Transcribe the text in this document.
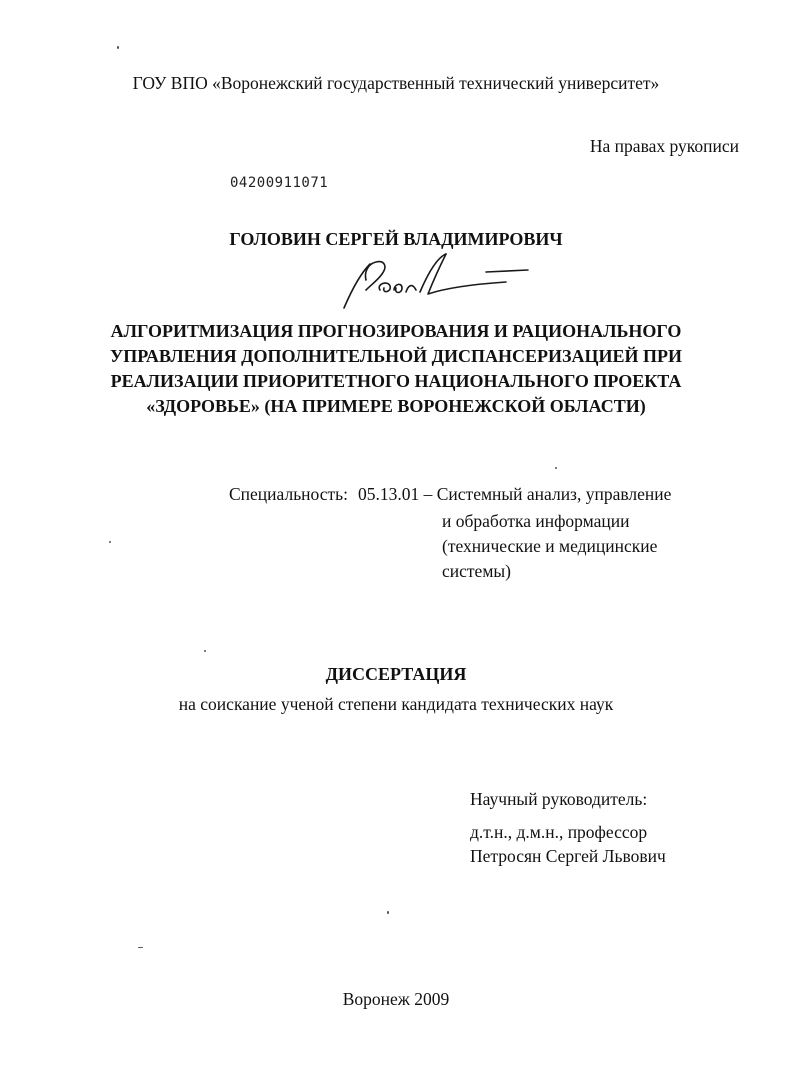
ГОУ ВПО «Воронежский государственный технический университет»
На правах рукописи
04200911071
ГОЛОВИН СЕРГЕЙ ВЛАДИМИРОВИЧ
АЛГОРИТМИЗАЦИЯ ПРОГНОЗИРОВАНИЯ И РАЦИОНАЛЬНОГО
УПРАВЛЕНИЯ ДОПОЛНИТЕЛЬНОЙ ДИСПАНСЕРИЗАЦИЕЙ ПРИ
РЕАЛИЗАЦИИ ПРИОРИТЕТНОГО НАЦИОНАЛЬНОГО ПРОЕКТА
«ЗДОРОВЬЕ» (НА ПРИМЕРЕ ВОРОНЕЖСКОЙ ОБЛАСТИ)
Специальность: 05.13.01 – Системный анализ, управление
и обработка информации
(технические и медицинские
системы)
ДИССЕРТАЦИЯ
на соискание ученой степени кандидата технических наук
Научный руководитель:
д.т.н., д.м.н., профессор
Петросян Сергей Львович
Воронеж 2009
